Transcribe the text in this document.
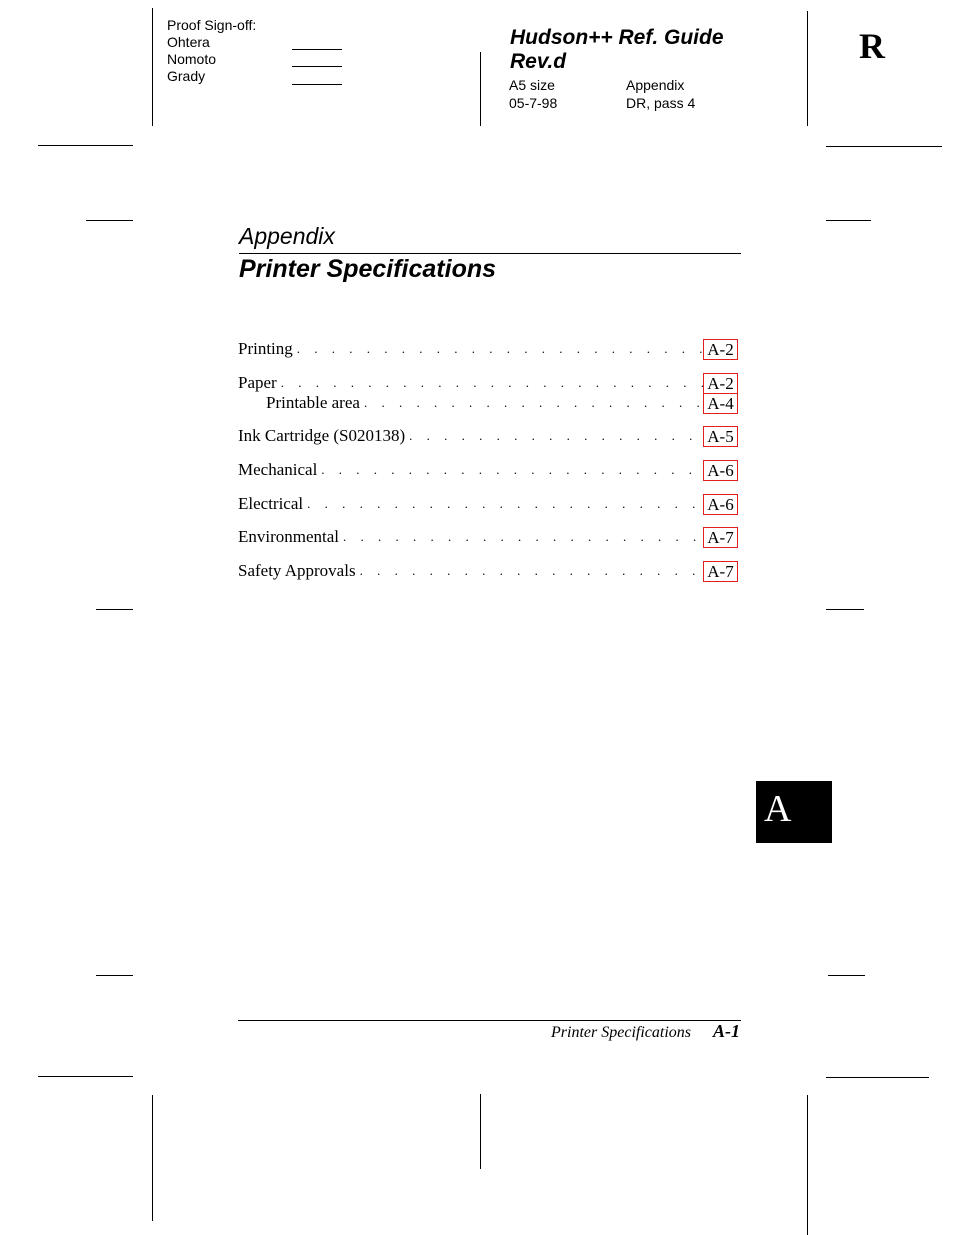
Proof Sign-off:
Ohtera
Nomoto
Grady
Hudson++ Ref. Guide
Rev.d
A5 size	Appendix
05-7-98	DR, pass 4
R
Appendix
Printer Specifications
Printing . . .	A-2
Paper . . .	A-2
Printable area . . .	A-4
Ink Cartridge (S020138) . . .	A-5
Mechanical . . .	A-6
Electrical . . .	A-6
Environmental . . .	A-7
Safety Approvals . . .	A-7
A
Printer Specifications A-1
